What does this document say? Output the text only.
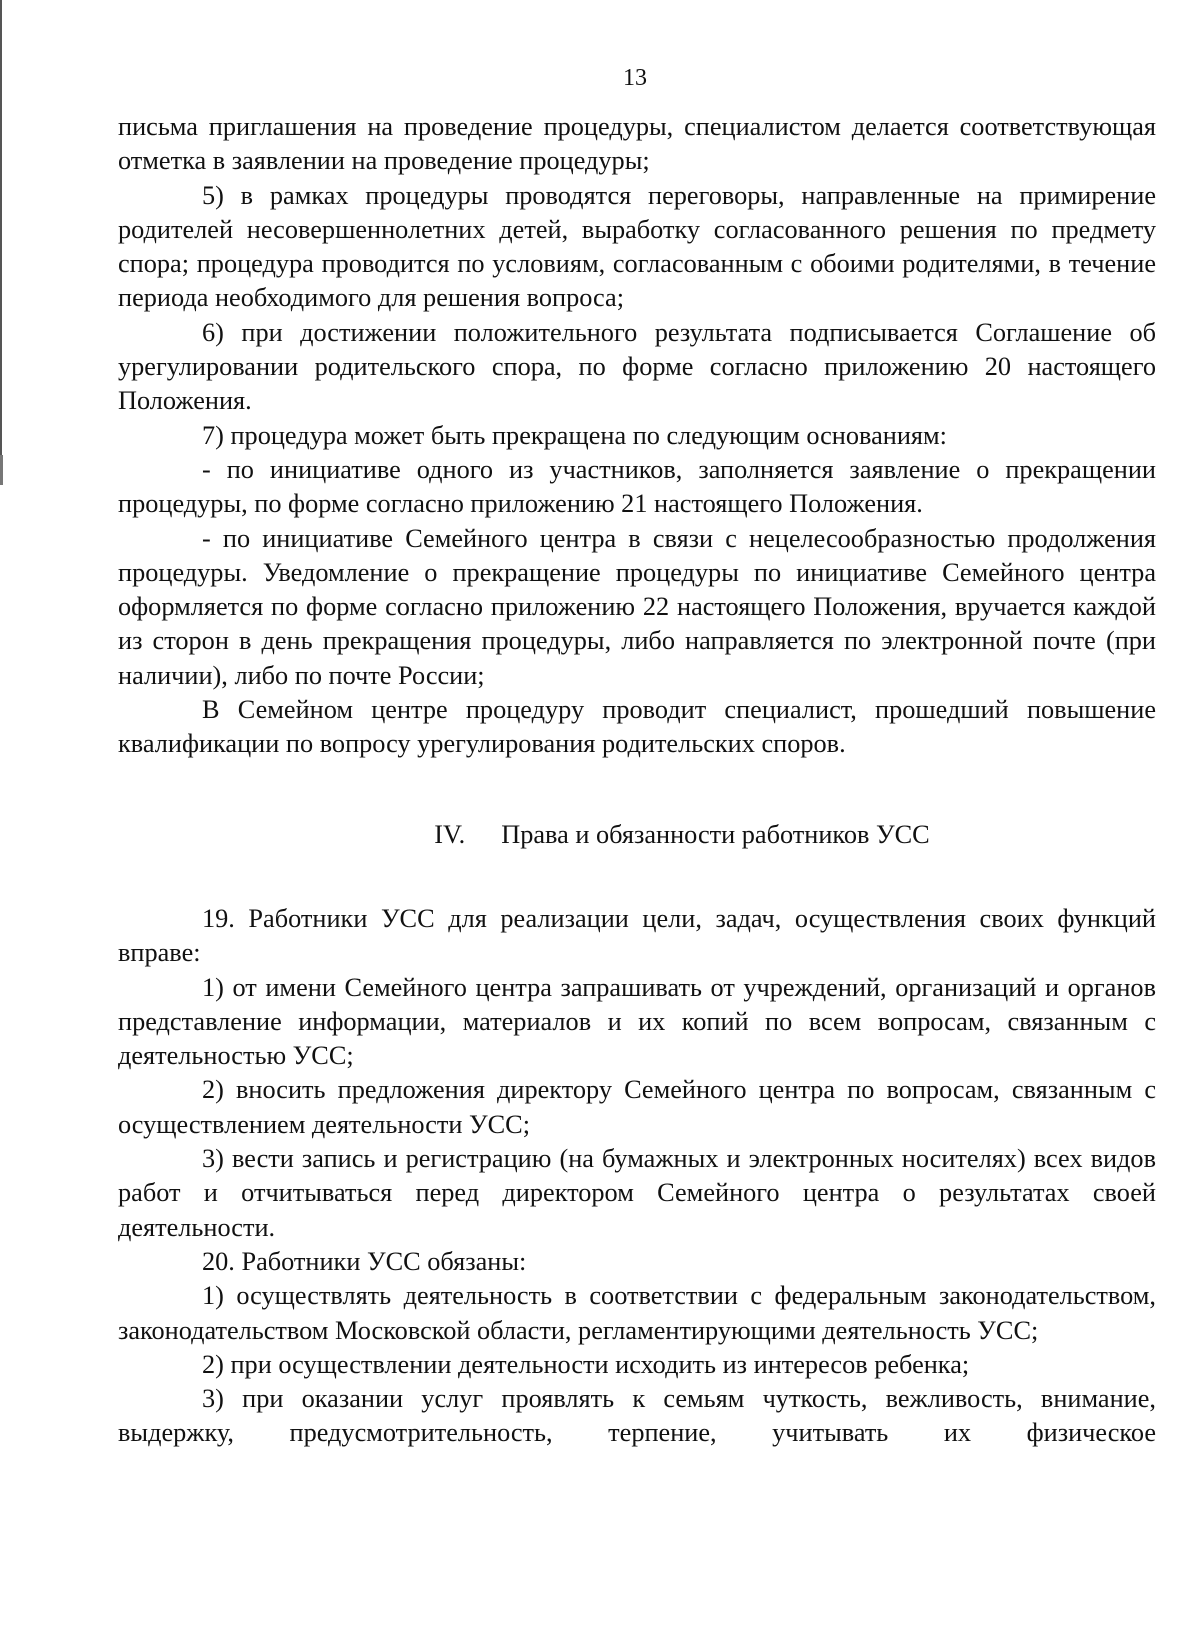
13

письма приглашения на проведение процедуры, специалистом делается соответствующая отметка в заявлении на проведение процедуры;

5) в рамках процедуры проводятся переговоры, направленные на примирение родителей несовершеннолетних детей, выработку согласованного решения по предмету спора; процедура проводится по условиям, согласованным с обоими родителями, в течение периода необходимого для решения вопроса;

6) при достижении положительного результата подписывается Соглашение об урегулировании родительского спора, по форме согласно приложению 20 настоящего Положения.

7) процедура может быть прекращена по следующим основаниям:

- по инициативе одного из участников, заполняется заявление о прекращении процедуры, по форме согласно приложению 21 настоящего Положения.

- по инициативе Семейного центра в связи с нецелесообразностью продолжения процедуры. Уведомление о прекращение процедуры по инициативе Семейного центра оформляется по форме согласно приложению 22 настоящего Положения, вручается каждой из сторон в день прекращения процедуры, либо направляется по электронной почте (при наличии), либо по почте России;

В Семейном центре процедуру проводит специалист, прошедший повышение квалификации по вопросу урегулирования родительских споров.

IV. Права и обязанности работников УСС

19. Работники УСС для реализации цели, задач, осуществления своих функций вправе:

1) от имени Семейного центра запрашивать от учреждений, организаций и органов представление информации, материалов и их копий по всем вопросам, связанным с деятельностью УСС;

2) вносить предложения директору Семейного центра по вопросам, связанным с осуществлением деятельности УСС;

3) вести запись и регистрацию (на бумажных и электронных носителях) всех видов работ и отчитываться перед директором Семейного центра о результатах своей деятельности.

20. Работники УСС обязаны:

1) осуществлять деятельность в соответствии с федеральным законодательством, законодательством Московской области, регламентирующими деятельность УСС;

2) при осуществлении деятельности исходить из интересов ребенка;

3) при оказании услуг проявлять к семьям чуткость, вежливость, внимание, выдержку, предусмотрительность, терпение, учитывать их физическое
